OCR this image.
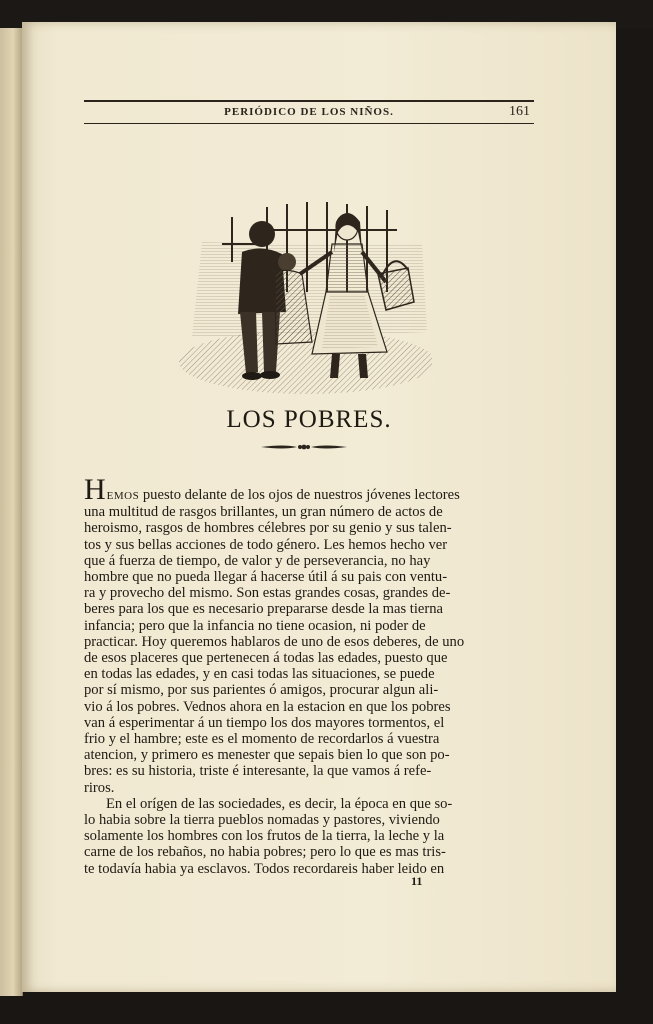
PERIÓDICO DE LOS NIÑOS.	161
LOS POBRES.
HEMOS puesto delante de los ojos de nuestros jóvenes lectores
una multitud de rasgos brillantes, un gran número de actos de
heroismo, rasgos de hombres célebres por su genio y sus talen-
tos y sus bellas acciones de todo género. Les hemos hecho ver
que á fuerza de tiempo, de valor y de perseverancia, no hay
hombre que no pueda llegar á hacerse útil á su pais con ventu-
ra y provecho del mismo. Son estas grandes cosas, grandes de-
beres para los que es necesario prepararse desde la mas tierna
infancia; pero que la infancia no tiene ocasion, ni poder de
practicar. Hoy queremos hablaros de uno de esos deberes, de uno
de esos placeres que pertenecen á todas las edades, puesto que
en todas las edades, y en casi todas las situaciones, se puede
por sí mismo, por sus parientes ó amigos, procurar algun ali-
vio á los pobres. Vednos ahora en la estacion en que los pobres
van á esperimentar á un tiempo los dos mayores tormentos, el
frio y el hambre; este es el momento de recordarlos á vuestra
atencion, y primero es menester que sepais bien lo que son po-
bres: es su historia, triste é interesante, la que vamos á refe-
riros.
En el orígen de las sociedades, es decir, la época en que so-
lo habia sobre la tierra pueblos nomadas y pastores, viviendo
solamente los hombres con los frutos de la tierra, la leche y la
carne de los rebaños, no habia pobres; pero lo que es mas tris-
te todavía habia ya esclavos. Todos recordareis haber leido en
11
